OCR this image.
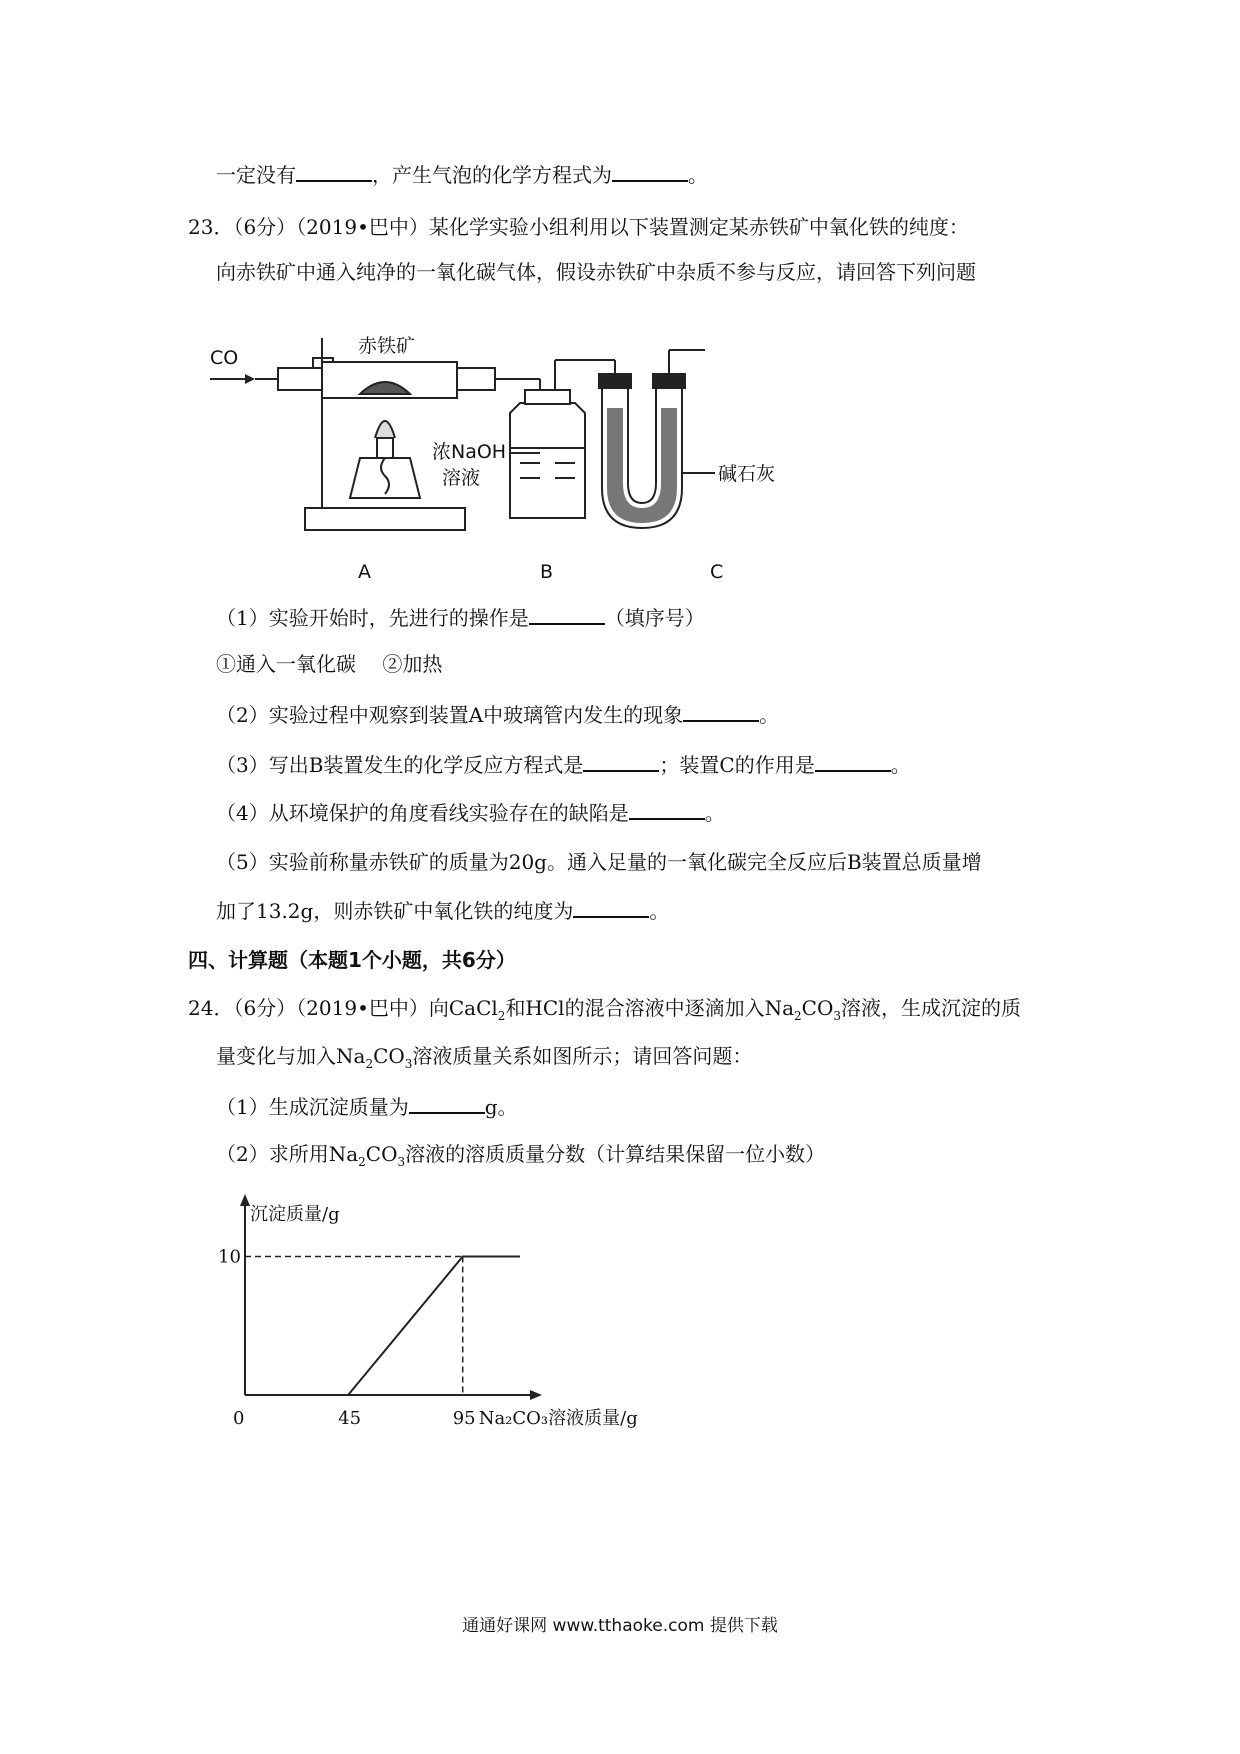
一定没有	，产生气泡的化学方程式为	。
23．（6分）（2019•巴中）某化学实验小组利用以下装置测定某赤铁矿中氧化铁的纯度：
向赤铁矿中通入纯净的一氧化碳气体，假设赤铁矿中杂质不参与反应，请回答下列问题
CO
赤铁矿
浓NaOH
溶液	碱石灰
A	B	C
（1）实验开始时，先进行的操作是	（填序号）
①通入一氧化碳　 ②加热
（2）实验过程中观察到装置A中玻璃管内发生的现象	。
（3）写出B装置发生的化学反应方程式是	；装置C的作用是	。
（4）从环境保护的角度看线实验存在的缺陷是	。
（5）实验前称量赤铁矿的质量为20g。通入足量的一氧化碳完全反应后B装置总质量增
加了13.2g，则赤铁矿中氧化铁的纯度为	。
四、计算题（本题1个小题，共6分）
24．（6分）（2019•巴中）向CaCl$_2$和HCl的混合溶液中逐滴加入$Na_2CO_3$溶液，生成沉淀的质
量变化与加入$Na_2CO_3$溶液质量关系如图所示；请回答问题：
（1）生成沉淀质量为	g。
（2）求所用$Na_2CO_3$溶液的溶质质量分数（计算结果保留一位小数）
沉淀质量/g
Na₂CO₃溶液质量/g
10
0	45	95
通通好课网 www.tthaoke.com 提供下载
